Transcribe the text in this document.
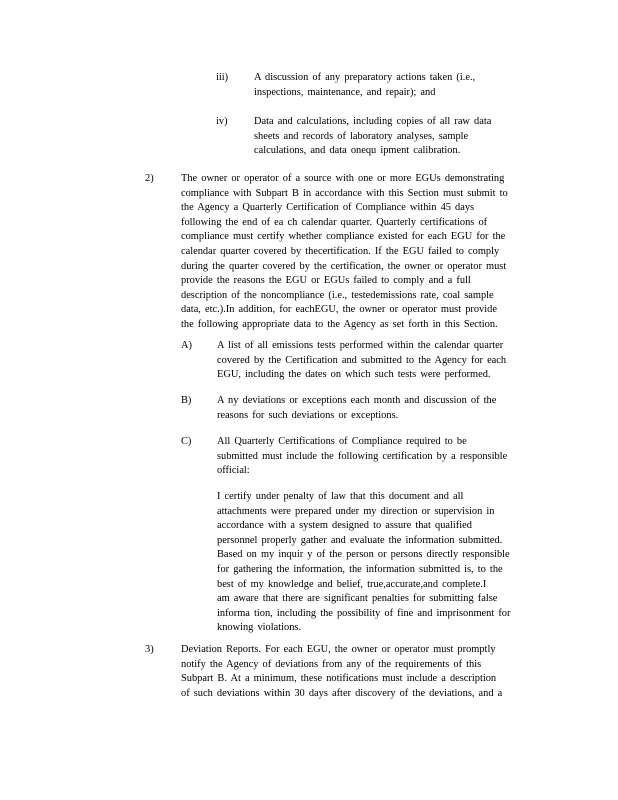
iii) A discussion of any preparatory actions taken (i.e.,
inspections, maintenance, and repair); and
iv)	Data and calculations, including copies of all raw data
sheets and records of laboratory analyses, sample
calculations, and data onequ ipment calibration.
2)	The owner or operator of a source with one or more EGUs demonstrating
compliance with Subpart B in accordance with this Section must submit to
the Agency a Quarterly Certification of Compliance within 45 days
following the end of ea ch calendar quarter. Quarterly certifications of
compliance must certify whether compliance existed for each EGU for the
calendar quarter covered by thecertification. If the EGU failed to comply
during the quarter covered by the certification, the owner or operator must
provide the reasons the EGU or EGUs failed to comply and a full
description of the noncompliance (i.e., testedemissions rate, coal sample
data, etc.).In addition, for eachEGU, the owner or operator must provide
the following appropriate data to the Agency as set forth in this Section.
A) A list of all emissions tests performed within the calendar quarter
covered by the Certification and submitted to the Agency for each
EGU, including the dates on which such tests were performed.
B) A ny deviations or exceptions each month and discussion of the
reasons for such deviations or exceptions.
C) All Quarterly Certifications of Compliance required to be
submitted must include the following certification by a responsible
official:
I certify under penalty of law that this document and all
attachments were prepared under my direction or supervision in
accordance with a system designed to assure that qualified
personnel properly gather and evaluate the information submitted.
Based on my inquir y of the person or persons directly responsible
for gathering the information, the information submitted is, to the
best of my knowledge and belief, true,accurate,and complete.I
am aware that there are significant penalties for submitting false
informa tion, including the possibility of fine and imprisonment for
knowing violations.
3)	Deviation Reports. For each EGU, the owner or operator must promptly
notify the Agency of deviations from any of the requirements of this
Subpart B. At a minimum, these notifications must include a description
of such deviations within 30 days after discovery of the deviations, and a
